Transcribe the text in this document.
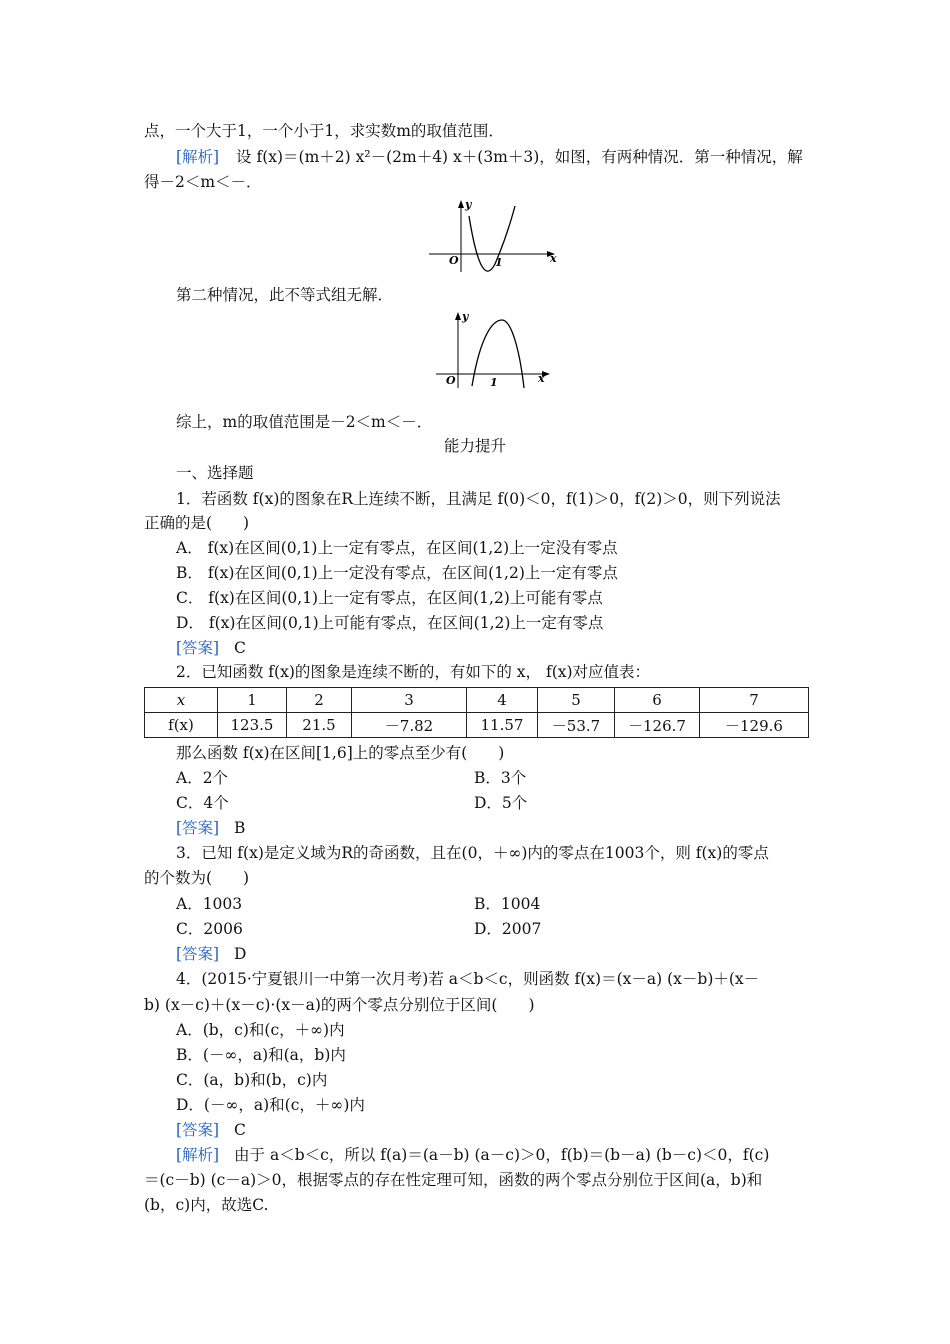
点，一个大于1，一个小于1，求实数m的取值范围．
[解析] 设 f(x)＝(m＋2) x²－(2m＋4) x＋(3m＋3)，如图，有两种情况．第一种情况，解
得－2＜m＜－．
y
x
O	1
第二种情况，此不等式组无解．
y
x
O	1
综上，m的取值范围是－2＜m＜－．
能力提升
一、选择题
1．若函数 f(x)的图象在R上连续不断，且满足 f(0)＜0，f(1)＞0，f(2)＞0，则下列说法
正确的是(　　)
A． f(x)在区间(0,1)上一定有零点，在区间(1,2)上一定没有零点
B． f(x)在区间(0,1)上一定没有零点，在区间(1,2)上一定有零点
C． f(x)在区间(0,1)上一定有零点，在区间(1,2)上可能有零点
D． f(x)在区间(0,1)上可能有零点，在区间(1,2)上一定有零点
[答案] C
2．已知函数 f(x)的图象是连续不断的，有如下的 x， f(x)对应值表：
x	1	2	3	4	5	6	7
f(x)	123.5	21.5	－7.82	11.57	－53.7	－126.7	－129.6
那么函数 f(x)在区间[1,6]上的零点至少有(　　)
A．2个	B．3个
C．4个	D．5个
[答案] B
3．已知 f(x)是定义域为R的奇函数，且在(0，＋∞)内的零点在1003个，则 f(x)的零点
的个数为(　　)
A．1003	B．1004
C．2006	D．2007
[答案] D
4．(2015·宁夏银川一中第一次月考)若 a＜b＜c，则函数 f(x)＝(x－a) (x－b)＋(x－
b) (x－c)＋(x－c)·(x－a)的两个零点分别位于区间(　　)
A．(b，c)和(c，＋∞)内
B．(－∞，a)和(a，b)内
C．(a，b)和(b，c)内
D．(－∞，a)和(c，＋∞)内
[答案] C
[解析] 由于 a＜b＜c，所以 f(a)＝(a－b) (a－c)＞0，f(b)＝(b－a) (b－c)＜0，f(c)
＝(c－b) (c－a)＞0，根据零点的存在性定理可知，函数的两个零点分别位于区间(a，b)和
(b，c)内，故选C.
